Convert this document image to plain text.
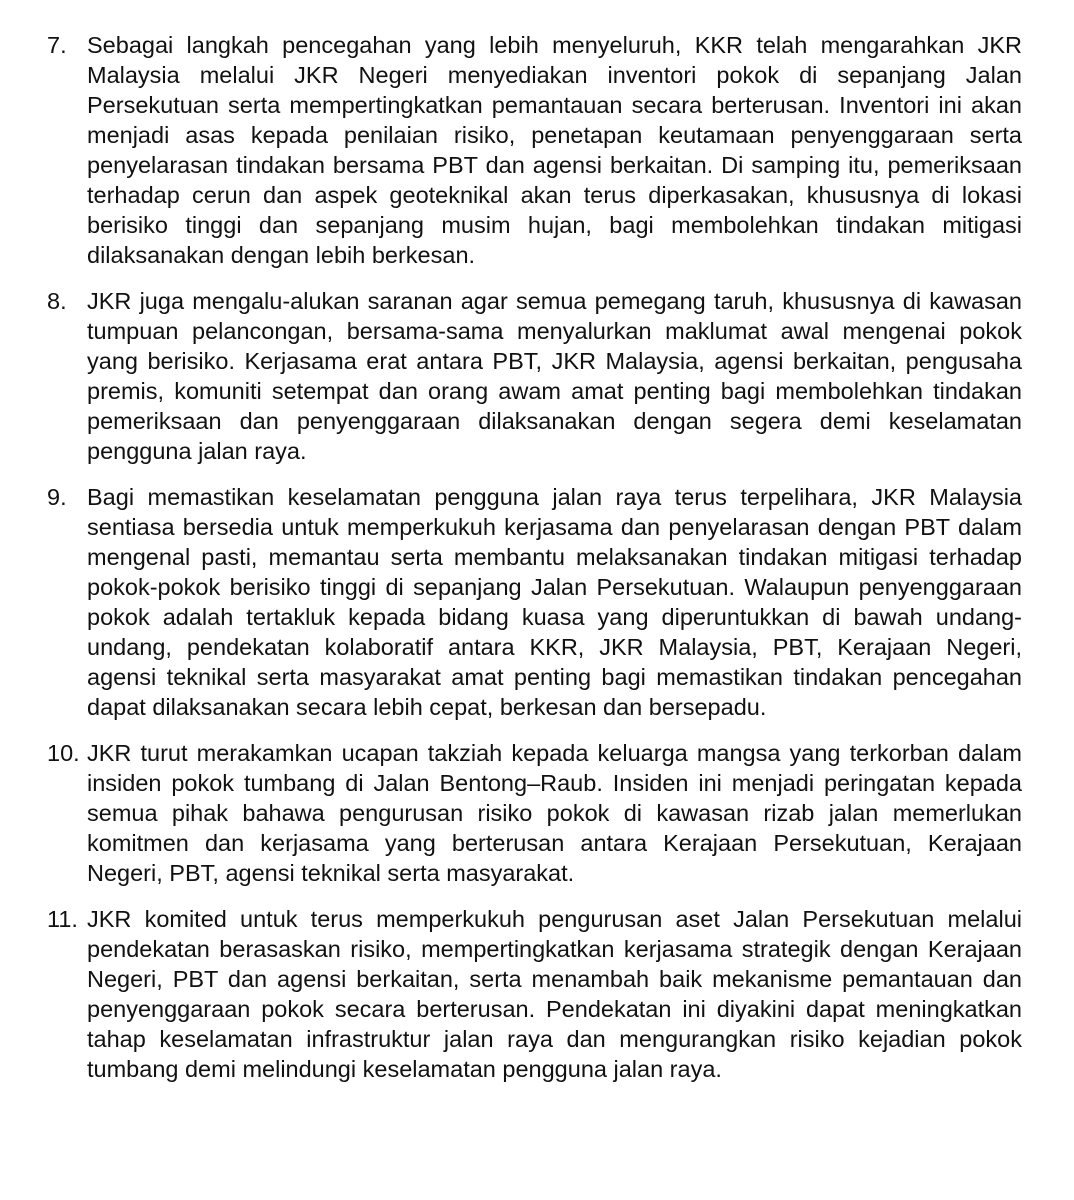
7. Sebagai langkah pencegahan yang lebih menyeluruh, KKR telah mengarahkan JKR Malaysia melalui JKR Negeri menyediakan inventori pokok di sepanjang Jalan Persekutuan serta mempertingkatkan pemantauan secara berterusan. Inventori ini akan menjadi asas kepada penilaian risiko, penetapan keutamaan penyenggaraan serta penyelarasan tindakan bersama PBT dan agensi berkaitan. Di samping itu, pemeriksaan terhadap cerun dan aspek geoteknikal akan terus diperkasakan, khususnya di lokasi berisiko tinggi dan sepanjang musim hujan, bagi membolehkan tindakan mitigasi dilaksanakan dengan lebih berkesan.

8. JKR juga mengalu-alukan saranan agar semua pemegang taruh, khususnya di kawasan tumpuan pelancongan, bersama-sama menyalurkan maklumat awal mengenai pokok yang berisiko. Kerjasama erat antara PBT, JKR Malaysia, agensi berkaitan, pengusaha premis, komuniti setempat dan orang awam amat penting bagi membolehkan tindakan pemeriksaan dan penyenggaraan dilaksanakan dengan segera demi keselamatan pengguna jalan raya.

9. Bagi memastikan keselamatan pengguna jalan raya terus terpelihara, JKR Malaysia sentiasa bersedia untuk memperkukuh kerjasama dan penyelarasan dengan PBT dalam mengenal pasti, memantau serta membantu melaksanakan tindakan mitigasi terhadap pokok-pokok berisiko tinggi di sepanjang Jalan Persekutuan. Walaupun penyenggaraan pokok adalah tertakluk kepada bidang kuasa yang diperuntukkan di bawah undang-undang, pendekatan kolaboratif antara KKR, JKR Malaysia, PBT, Kerajaan Negeri, agensi teknikal serta masyarakat amat penting bagi memastikan tindakan pencegahan dapat dilaksanakan secara lebih cepat, berkesan dan bersepadu.

10. JKR turut merakamkan ucapan takziah kepada keluarga mangsa yang terkorban dalam insiden pokok tumbang di Jalan Bentong–Raub. Insiden ini menjadi peringatan kepada semua pihak bahawa pengurusan risiko pokok di kawasan rizab jalan memerlukan komitmen dan kerjasama yang berterusan antara Kerajaan Persekutuan, Kerajaan Negeri, PBT, agensi teknikal serta masyarakat.

11. JKR komited untuk terus memperkukuh pengurusan aset Jalan Persekutuan melalui pendekatan berasaskan risiko, mempertingkatkan kerjasama strategik dengan Kerajaan Negeri, PBT dan agensi berkaitan, serta menambah baik mekanisme pemantauan dan penyenggaraan pokok secara berterusan. Pendekatan ini diyakini dapat meningkatkan tahap keselamatan infrastruktur jalan raya dan mengurangkan risiko kejadian pokok tumbang demi melindungi keselamatan pengguna jalan raya.
